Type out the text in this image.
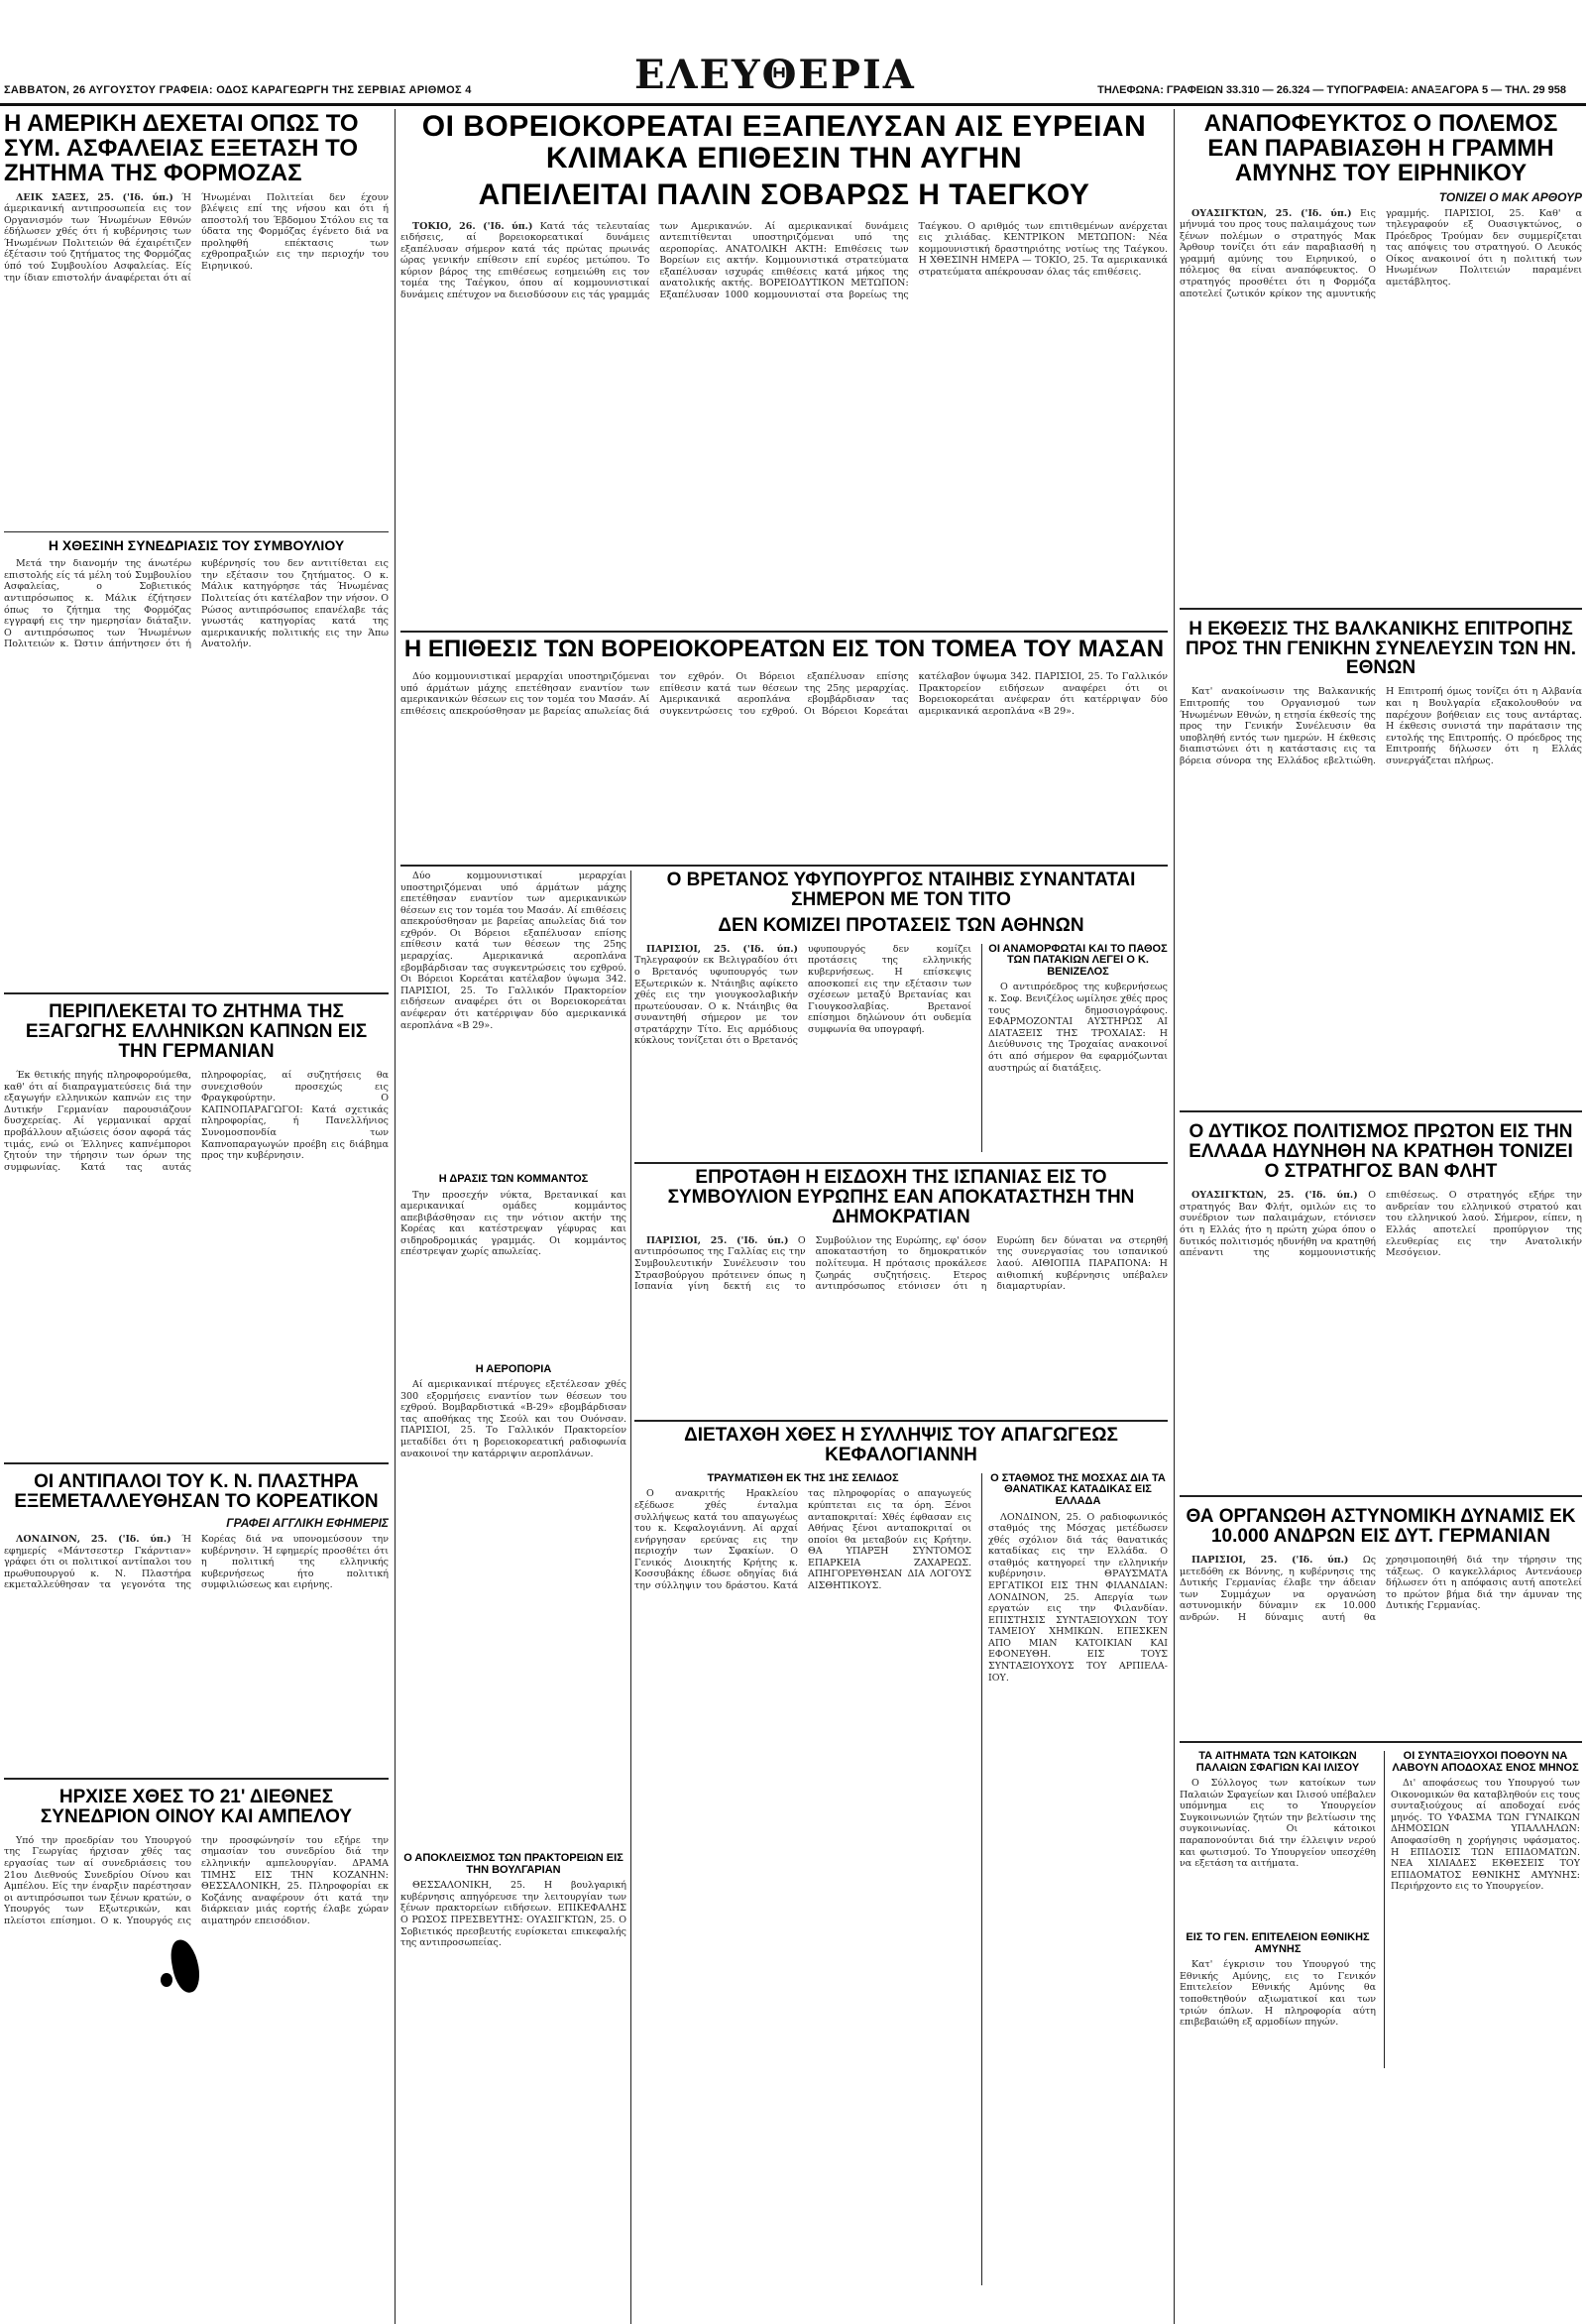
ΕΛΕΥΘΕΡΙΑ
ΣΑΒΒΑΤΟΝ, 26 ΑΥΓΟΥΣΤΟΥ ΓΡΑΦΕΙΑ: ΟΔΟΣ ΚΑΡΑΓΕΩΡΓΗ ΤΗΣ ΣΕΡΒΙΑΣ ΑΡΙΘΜΟΣ 4	ΤΗΛΕΦΩΝΑ: ΓΡΑΦΕΙΩΝ 33.310 — 26.324 — ΤΥΠΟΓΡΑΦΕΙΑ: ΑΝΑΞΑΓΟΡΑ 5 — ΤΗΛ. 29 958
Η ΑΜΕΡΙΚΗ ΔΕΧΕΤΑΙ ΟΠΩΣ ΤΟ ΣΥΜ. ΑΣΦΑΛΕΙΑΣ ΕΞΕΤΑΣΗ ΤΟ ΖΗΤΗΜΑ ΤΗΣ ΦΟΡΜΟΖΑΣ

ΛΕΙΚ ΣΑΞΕΣ, 25. ('Ιδ. ύπ.) Ή άμερικανική αντιπροσωπεία εις τον Οργανισμόν των Ήνωμένων Εθνών έδήλωσεν χθές ότι ή κυβέρνησις των Ήνωμένων Πολιτειών θά έχαιρέτιζεν έξέτασιν τού ζητήματος της Φορμόζας ύπό τού Συμβουλίου Ασφαλείας. Είς την ίδιαν επιστολήν άναφέρεται ότι αί Ήνωμέναι Πολιτείαι δεν έχουν βλέψεις επί της νήσου και ότι ή αποστολή του Έβδομου Στόλου εις τα ύδατα της Φορμόζας έγένετο διά να προληφθή επέκτασις των εχθροπραξιών εις την περιοχήν του Ειρηνικού.

Η ΧΘΕΣΙΝΗ ΣΥΝΕΔΡΙΑΣΙΣ ΤΟΥ ΣΥΜΒΟΥΛΙΟΥ

Μετά την διανομήν της άνωτέρω επιστολής είς τά μέλη τού Συμβουλίου Ασφαλείας, ο Σοβιετικός αντιπρόσωπος κ. Μάλικ έζήτησεν όπως το ζήτημα της Φορμόζας εγγραφή εις την ημερησίαν διάταξιν. Ο αντιπρόσωπος των Ήνωμένων Πολιτειών κ. Ώστιν άπήντησεν ότι ή κυβέρνησίς του δεν αντιτίθεται εις την εξέτασιν του ζητήματος. Ο κ. Μάλικ κατηγόρησε τάς Ήνωμένας Πολιτείας ότι κατέλαβον την νήσον. Ο Ρώσος αντιπρόσωπος επανέλαβε τάς γνωστάς κατηγορίας κατά της αμερικανικής πολιτικής εις την Άπω Ανατολήν.

ΠΕΡΙΠΛΕΚΕΤΑΙ ΤΟ ΖΗΤΗΜΑ ΤΗΣ ΕΞΑΓΩΓΗΣ ΕΛΛΗΝΙΚΩΝ ΚΑΠΝΩΝ ΕΙΣ ΤΗΝ ΓΕΡΜΑΝΙΑΝ

Έκ θετικής πηγής πληροφορούμεθα, καθ' ότι αί διαπραγματεύσεις διά την εξαγωγήν ελληνικών καπνών εις την Δυτικήν Γερμανίαν παρουσιάζουν δυσχερείας. Αί γερμανικαί αρχαί προβάλλουν αξιώσεις όσον αφορά τάς τιμάς, ενώ οι Έλληνες καπνέμποροι ζητούν την τήρησιν των όρων της συμφωνίας. Κατά τας αυτάς πληροφορίας, αί συζητήσεις θα συνεχισθούν προσεχώς εις Φραγκφούρτην. Ο ΚΑΠΝΟΠΑΡΑΓΩΓΟΙ: Κατά σχετικάς πληροφορίας, ή Πανελλήνιος Συνομοσπονδία των Καπνοπαραγωγών προέβη εις διάβημα προς την κυβέρνησιν.

ΟΙ ΑΝΤΙΠΑΛΟΙ ΤΟΥ Κ. Ν. ΠΛΑΣΤΗΡΑ ΕΞΕΜΕΤΑΛΛΕΥΘΗΣΑΝ ΤΟ ΚΟΡΕΑΤΙΚΟΝ
ΓΡΑΦΕΙ ΑΓΓΛΙΚΗ ΕΦΗΜΕΡΙΣ

ΛΟΝΔΙΝΟΝ, 25. ('Ιδ. ύπ.) Ή εφημερίς «Μάντσεστερ Γκάρντιαν» γράφει ότι οι πολιτικοί αντίπαλοι του πρωθυπουργού κ. Ν. Πλαστήρα εκμεταλλεύθησαν τα γεγονότα της Κορέας διά να υπονομεύσουν την κυβέρνησιν. Ή εφημερίς προσθέτει ότι η πολιτική της ελληνικής κυβερνήσεως ήτο πολιτική συμφιλιώσεως και ειρήνης.

ΗΡΧΙΣΕ ΧΘΕΣ ΤΟ 21' ΔΙΕΘΝΕΣ ΣΥΝΕΔΡΙΟΝ ΟΙΝΟΥ ΚΑΙ ΑΜΠΕΛΟΥ

Υπό την προεδρίαν του Υπουργού της Γεωργίας ήρχισαν χθές τας εργασίας των αί συνεδριάσεις του 21ου Διεθνούς Συνεδρίου Οίνου και Αμπέλου. Είς την έναρξιν παρέστησαν οι αντιπρόσωποι των ξένων κρατών, ο Υπουργός των Εξωτερικών, και πλείστοι επίσημοι. Ο κ. Υπουργός εις την προσφώνησίν του εξήρε την σημασίαν του συνεδρίου διά την ελληνικήν αμπελουργίαν. ΔΡΑΜΑ ΤΙΜΗΣ ΕΙΣ ΤΗΝ ΚΟΖΑΝΗΝ: ΘΕΣΣΑΛΟΝΙΚΗ, 25. Πληροφορίαι εκ Κοζάνης αναφέρουν ότι κατά την διάρκειαν μιάς εορτής έλαβε χώραν αιματηρόν επεισόδιον.

ΟΙ ΒΟΡΕΙΟΚΟΡΕΑΤΑΙ ΕΞΑΠΕΛΥΣΑΝ ΑΙΣ ΕΥΡΕΙΑΝ ΚΛΙΜΑΚΑ ΕΠΙΘΕΣΙΝ ΤΗΝ ΑΥΓΗΝ
ΑΠΕΙΛΕΙΤΑΙ ΠΑΛΙΝ ΣΟΒΑΡΩΣ Η ΤΑΕΓΚΟΥ

ΤΟΚΙΟ, 26. ('Ιδ. ύπ.) Κατά τάς τελευταίας ειδήσεις, αί βορειοκορεατικαί δυνάμεις εξαπέλυσαν σήμερον κατά τάς πρώτας πρωινάς ώρας γενικήν επίθεσιν επί ευρέος μετώπου. Το κύριον βάρος της επιθέσεως εσημειώθη εις τον τομέα της Ταέγκου, όπου αί κομμουνιστικαί δυνάμεις επέτυχον να διεισδύσουν εις τάς γραμμάς των Αμερικανών. Αί αμερικανικαί δυνάμεις αντεπιτίθενται υποστηριζόμεναι υπό της αεροπορίας. ΑΝΑΤΟΛΙΚΗ ΑΚΤΗ: Επιθέσεις των Βορείων εις ακτήν. Κομμουνιστικά στρατεύματα εξαπέλυσαν ισχυράς επιθέσεις κατά μήκος της ανατολικής ακτής. ΒΟΡΕΙΟΔΥΤΙΚΟΝ ΜΕΤΩΠΟΝ: Εξαπέλυσαν 1000 κομμουνισταί στα βορείως της Ταέγκου. Ο αριθμός των επιτιθεμένων ανέρχεται εις χιλιάδας. ΚΕΝΤΡΙΚΟΝ ΜΕΤΩΠΟΝ: Νέα κομμουνιστική δραστηριότης νοτίως της Ταέγκου. Η ΧΘΕΣΙΝΗ ΗΜΕΡΑ — ΤΟΚΙΟ, 25. Τα αμερικανικά στρατεύματα απέκρουσαν όλας τάς επιθέσεις.

Η ΕΠΙΘΕΣΙΣ ΤΩΝ ΒΟΡΕΙΟΚΟΡΕΑΤΩΝ ΕΙΣ ΤΟΝ ΤΟΜΕΑ ΤΟΥ ΜΑΣΑΝ

Δύο κομμουνιστικαί μεραρχίαι υποστηριζόμεναι υπό άρμάτων μάχης επετέθησαν εναντίον των αμερικανικών θέσεων εις τον τομέα του Μασάν. Αί επιθέσεις απεκρούσθησαν με βαρείας απωλείας διά τον εχθρόν. Οι Βόρειοι εξαπέλυσαν επίσης επίθεσιν κατά των θέσεων της 25ης μεραρχίας. Αμερικανικά αεροπλάνα εβομβάρδισαν τας συγκεντρώσεις του εχθρού. Οι Βόρειοι Κορεάται κατέλαβον ύψωμα 342. ΠΑΡΙΣΙΟΙ, 25. Το Γαλλικόν Πρακτορείον ειδήσεων αναφέρει ότι οι Βορειοκορεάται ανέφεραν ότι κατέρριψαν δύο αμερικανικά αεροπλάνα «Β 29».

Ο ΒΡΕΤΑΝΟΣ ΥΦΥΠΟΥΡΓΟΣ ΝΤΑΙΗΒΙΣ ΣΥΝΑΝΤΑΤΑΙ ΣΗΜΕΡΟΝ ΜΕ ΤΟΝ ΤΙΤΟ
ΔΕΝ ΚΟΜΙΖΕΙ ΠΡΟΤΑΣΕΙΣ ΤΩΝ ΑΘΗΝΩΝ

ΠΑΡΙΣΙΟΙ, 25. ('Ιδ. ύπ.) Τηλεγραφούν εκ Βελιγραδίου ότι ο Βρετανός υφυπουργός των Εξωτερικών κ. Ντάιηβις αφίκετο χθές εις την γιουγκοσλαβικήν πρωτεύουσαν. Ο κ. Ντάιηβις θα συναντηθή σήμερον με τον στρατάρχην Τίτο. Εις αρμόδιους κύκλους τονίζεται ότι ο Βρετανός υφυπουργός δεν κομίζει προτάσεις της ελληνικής κυβερνήσεως. Η επίσκεψις αποσκοπεί εις την εξέτασιν των σχέσεων μεταξύ Βρετανίας και Γιουγκοσλαβίας. Βρετανοί επίσημοι δηλώνουν ότι ουδεμία συμφωνία θα υπογραφή.

ΟΙ ΑΝΑΜΟΡΦΩΤΑΙ ΚΑΙ ΤΟ ΠΑΘΟΣ ΤΩΝ ΠΑΤΑΚΙΩΝ ΛΕΓΕΙ Ο Κ. ΒΕΝΙΖΕΛΟΣ

Ο αντιπρόεδρος της κυβερνήσεως κ. Σοφ. Βενιζέλος ωμίλησε χθές προς τους δημοσιογράφους. ΕΦΑΡΜΟΖΟΝΤΑΙ ΑΥΣΤΗΡΩΣ ΑΙ ΔΙΑΤΑΞΕΙΣ ΤΗΣ ΤΡΟΧΑΙΑΣ: Η Διεύθυνσις της Τροχαίας ανακοινοί ότι από σήμερον θα εφαρμόζωνται αυστηρώς αί διατάξεις.

Δύο κομμουνιστικαί μεραρχίαι υποστηριζόμεναι υπό άρμάτων μάχης επετέθησαν εναντίον των αμερικανικών θέσεων εις τον τομέα του Μασάν. Αί επιθέσεις απεκρούσθησαν με βαρείας απωλείας διά τον εχθρόν. Οι Βόρειοι εξαπέλυσαν επίσης επίθεσιν κατά των θέσεων της 25ης μεραρχίας. Αμερικανικά αεροπλάνα εβομβάρδισαν τας συγκεντρώσεις του εχθρού. Οι Βόρειοι Κορεάται κατέλαβον ύψωμα 342. ΠΑΡΙΣΙΟΙ, 25. Το Γαλλικόν Πρακτορείον ειδήσεων αναφέρει ότι οι Βορειοκορεάται ανέφεραν ότι κατέρριψαν δύο αμερικανικά αεροπλάνα «Β 29».

Η ΔΡΑΣΙΣ ΤΩΝ ΚΟΜΜΑΝΤΟΣ

Την προσεχήν νύκτα, Βρετανικαί και αμερικανικαί ομάδες κομμάντος απεβιβάσθησαν εις την νότιον ακτήν της Κορέας και κατέστρεψαν γέφυρας και σιδηροδρομικάς γραμμάς. Οι κομμάντος επέστρεψαν χωρίς απωλείας.

Η ΑΕΡΟΠΟΡΙΑ

Αί αμερικανικαί πτέρυγες εξετέλεσαν χθές 300 εξορμήσεις εναντίον των θέσεων του εχθρού. Βομβαρδιστικά «Β-29» εβομβάρδισαν τας αποθήκας της Σεούλ και του Ουόνσαν. ΠΑΡΙΣΙΟΙ, 25. Το Γαλλικόν Πρακτορείον μεταδίδει ότι η βορειοκορεατική ραδιοφωνία ανακοινοί την κατάρριψιν αεροπλάνων.

Ο ΑΠΟΚΛΕΙΣΜΟΣ ΤΩΝ ΠΡΑΚΤΟΡΕΙΩΝ ΕΙΣ ΤΗΝ ΒΟΥΛΓΑΡΙΑΝ

ΘΕΣΣΑΛΟΝΙΚΗ, 25. Η βουλγαρική κυβέρνησις απηγόρευσε την λειτουργίαν των ξένων πρακτορείων ειδήσεων. ΕΠΙΚΕΦΑΛΗΣ Ο ΡΩΣΟΣ ΠΡΕΣΒΕΥΤΗΣ: ΟΥΑΣΙΓΚΤΩΝ, 25. Ο Σοβιετικός πρεσβευτής ευρίσκεται επικεφαλής της αντιπροσωπείας.

ΕΠΡΟΤΑΘΗ Η ΕΙΣΔΟΧΗ ΤΗΣ ΙΣΠΑΝΙΑΣ ΕΙΣ ΤΟ ΣΥΜΒΟΥΛΙΟΝ ΕΥΡΩΠΗΣ ΕΑΝ ΑΠΟΚΑΤΑΣΤΗΣΗ ΤΗΝ ΔΗΜΟΚΡΑΤΙΑΝ

ΠΑΡΙΣΙΟΙ, 25. ('Ιδ. ύπ.) Ο αντιπρόσωπος της Γαλλίας εις την Συμβουλευτικήν Συνέλευσιν του Στρασβούργου πρότεινεν όπως η Ισπανία γίνη δεκτή εις το Συμβούλιον της Ευρώπης, εφ' όσον αποκαταστήση το δημοκρατικόν πολίτευμα. Η πρότασις προκάλεσε ζωηράς συζητήσεις. Ετερος αντιπρόσωπος ετόνισεν ότι η Ευρώπη δεν δύναται να στερηθή της συνεργασίας του ισπανικού λαού. ΑΙΘΙΟΠΙΑ ΠΑΡΑΠΟΝΑ: Η αιθιοπική κυβέρνησις υπέβαλεν διαμαρτυρίαν.

ΔΙΕΤΑΧΘΗ ΧΘΕΣ Η ΣΥΛΛΗΨΙΣ ΤΟΥ ΑΠΑΓΩΓΕΩΣ ΚΕΦΑΛΟΓΙΑΝΝΗ
ΤΡΑΥΜΑΤΙΣΘΗ ΕΚ ΤΗΣ 1ΗΣ ΣΕΛΙΔΟΣ

Ο ανακριτής Ηρακλείου εξέδωσε χθές ένταλμα συλλήψεως κατά του απαγωγέως του κ. Κεφαλογιάννη. Αί αρχαί ενήργησαν ερεύνας εις την περιοχήν των Σφακίων. Ο Γενικός Διοικητής Κρήτης κ. Κοσσυβάκης έδωσε οδηγίας διά την σύλληψιν του δράστου. Κατά τας πληροφορίας ο απαγωγεύς κρύπτεται εις τα όρη. Ξένοι ανταποκριταί: Χθές έφθασαν εις Αθήνας ξένοι ανταποκριταί οι οποίοι θα μεταβούν εις Κρήτην. ΘΑ ΥΠΑΡΞΗ ΣΥΝΤΟΜΟΣ ΕΠΑΡΚΕΙΑ ΖΑΧΑΡΕΩΣ. ΑΠΗΓΟΡΕΥΘΗΣΑΝ ΔΙΑ ΛΟΓΟΥΣ ΑΙΣΘΗΤΙΚΟΥΣ.

Ο ΣΤΑΘΜΟΣ ΤΗΣ ΜΟΣΧΑΣ ΔΙΑ ΤΑ ΘΑΝΑΤΙΚΑΣ ΚΑΤΑΔΙΚΑΣ ΕΙΣ ΕΛΛΑΔΑ

ΛΟΝΔΙΝΟΝ, 25. Ο ραδιοφωνικός σταθμός της Μόσχας μετέδωσεν χθές σχόλιον διά τάς θανατικάς καταδίκας εις την Ελλάδα. Ο σταθμός κατηγορεί την ελληνικήν κυβέρνησιν. ΘΡΑΥΣΜΑΤΑ ΕΡΓΑΤΙΚΟΙ ΕΙΣ ΤΗΝ ΦΙΛΑΝΔΙΑΝ: ΛΟΝΔΙΝΟΝ, 25. Απεργία των εργατών εις την Φιλανδίαν. ΕΠΙΣΤΗΣΙΣ ΣΥΝΤΑΞΙΟΥΧΩΝ ΤΟΥ ΤΑΜΕΙΟΥ ΧΗΜΙΚΩΝ. ΕΠΕΣΚΕΝ ΑΠΟ ΜΙΑΝ ΚΑΤΟΙΚΙΑΝ ΚΑΙ ΕΦΟΝΕΥΘΗ. ΕΙΣ ΤΟΥΣ ΣΥΝΤΑΞΙΟΥΧΟΥΣ ΤΟΥ ΑΡΠΙΕΛΑ-ΙΟΥ.

ΑΝΑΠΟΦΕΥΚΤΟΣ Ο ΠΟΛΕΜΟΣ ΕΑΝ ΠΑΡΑΒΙΑΣΘΗ Η ΓΡΑΜΜΗ ΑΜΥΝΗΣ ΤΟΥ ΕΙΡΗΝΙΚΟΥ
ΤΟΝΙΖΕΙ Ο ΜΑΚ ΑΡΘΟΥΡ

ΟΥΑΣΙΓΚΤΩΝ, 25. ('Ιδ. ύπ.) Εις μήνυμά του προς τους παλαιμάχους των ξένων πολέμων ο στρατηγός Μακ Άρθουρ τονίζει ότι εάν παραβιασθή η γραμμή αμύνης του Ειρηνικού, ο πόλεμος θα είναι αναπόφευκτος. Ο στρατηγός προσθέτει ότι η Φορμόζα αποτελεί ζωτικόν κρίκον της αμυντικής γραμμής. ΠΑΡΙΣΙΟΙ, 25. Καθ' α τηλεγραφούν εξ Ουασιγκτώνος, ο Πρόεδρος Τρούμαν δεν συμμερίζεται τας απόψεις του στρατηγού. Ο Λευκός Οίκος ανακοινοί ότι η πολιτική των Ηνωμένων Πολιτειών παραμένει αμετάβλητος.

Η ΕΚΘΕΣΙΣ ΤΗΣ ΒΑΛΚΑΝΙΚΗΣ ΕΠΙΤΡΟΠΗΣ ΠΡΟΣ ΤΗΝ ΓΕΝΙΚΗΝ ΣΥΝΕΛΕΥΣΙΝ ΤΩΝ ΗΝ. ΕΘΝΩΝ

Κατ' ανακοίνωσιν της Βαλκανικής Επιτροπής του Οργανισμού των Ήνωμένων Εθνών, η ετησία έκθεσίς της προς την Γενικήν Συνέλευσιν θα υποβληθή εντός των ημερών. Η έκθεσις διαπιστώνει ότι η κατάστασις εις τα βόρεια σύνορα της Ελλάδος εβελτιώθη. Η Επιτροπή όμως τονίζει ότι η Αλβανία και η Βουλγαρία εξακολουθούν να παρέχουν βοήθειαν εις τους αντάρτας. Η έκθεσις συνιστά την παράτασιν της εντολής της Επιτροπής. Ο πρόεδρος της Επιτροπής δήλωσεν ότι η Ελλάς συνεργάζεται πλήρως.

Ο ΔΥΤΙΚΟΣ ΠΟΛΙΤΙΣΜΟΣ ΠΡΩΤΟΝ ΕΙΣ ΤΗΝ ΕΛΛΑΔΑ ΗΔΥΝΗΘΗ ΝΑ ΚΡΑΤΗΘΗ ΤΟΝΙΖΕΙ Ο ΣΤΡΑΤΗΓΟΣ ΒΑΝ ΦΛΗΤ

ΟΥΑΣΙΓΚΤΩΝ, 25. ('Ιδ. ύπ.) Ο στρατηγός Βαν Φλήτ, ομιλών εις το συνέδριον των παλαιμάχων, ετόνισεν ότι η Ελλάς ήτο η πρώτη χώρα όπου ο δυτικός πολιτισμός ηδυνήθη να κρατηθή απέναντι της κομμουνιστικής επιθέσεως. Ο στρατηγός εξήρε την ανδρείαν του ελληνικού στρατού και του ελληνικού λαού. Σήμερον, είπεν, η Ελλάς αποτελεί προπύργιον της ελευθερίας εις την Ανατολικήν Μεσόγειον.

ΘΑ ΟΡΓΑΝΩΘΗ ΑΣΤΥΝΟΜΙΚΗ ΔΥΝΑΜΙΣ ΕΚ 10.000 ΑΝΔΡΩΝ ΕΙΣ ΔΥΤ. ΓΕΡΜΑΝΙΑΝ

ΠΑΡΙΣΙΟΙ, 25. ('Ιδ. ύπ.) Ως μετεδόθη εκ Βόννης, η κυβέρνησις της Δυτικής Γερμανίας έλαβε την άδειαν των Συμμάχων να οργανώση αστυνομικήν δύναμιν εκ 10.000 ανδρών. Η δύναμις αυτή θα χρησιμοποιηθή διά την τήρησιν της τάξεως. Ο καγκελλάριος Αντενάουερ δήλωσεν ότι η απόφασις αυτή αποτελεί το πρώτον βήμα διά την άμυναν της Δυτικής Γερμανίας.

ΤΑ ΑΙΤΗΜΑΤΑ ΤΩΝ ΚΑΤΟΙΚΩΝ ΠΑΛΑΙΩΝ ΣΦΑΓΙΩΝ ΚΑΙ ΙΛΙΣΟΥ

Ο Σύλλογος των κατοίκων των Παλαιών Σφαγείων και Ιλισού υπέβαλεν υπόμνημα εις το Υπουργείον Συγκοινωνιών ζητών την βελτίωσιν της συγκοινωνίας. Οι κάτοικοι παραπονούνται διά την έλλειψιν νερού και φωτισμού. Το Υπουργείον υπεσχέθη να εξετάση τα αιτήματα.

ΕΙΣ ΤΟ ΓΕΝ. ΕΠΙΤΕΛΕΙΟΝ ΕΘΝΙΚΗΣ ΑΜΥΝΗΣ

Κατ' έγκρισιν του Υπουργού της Εθνικής Αμύνης, εις το Γενικόν Επιτελείον Εθνικής Αμύνης θα τοποθετηθούν αξιωματικοί και των τριών όπλων. Η πληροφορία αύτη επιβεβαιώθη εξ αρμοδίων πηγών.

ΟΙ ΣΥΝΤΑΞΙΟΥΧΟΙ ΠΟΘΟΥΝ ΝΑ ΛΑΒΟΥΝ ΑΠΟΔΟΧΑΣ ΕΝΟΣ ΜΗΝΟΣ

Δι' αποφάσεως του Υπουργού των Οικονομικών θα καταβληθούν εις τους συνταξιούχους αί αποδοχαί ενός μηνός. ΤΟ ΥΦΑΣΜΑ ΤΩΝ ΓΥΝΑΙΚΩΝ ΔΗΜΟΣΙΩΝ ΥΠΑΛΛΗΛΩΝ: Αποφασίσθη η χορήγησις υφάσματος. Η ΕΠΙΔΟΣΙΣ ΤΩΝ ΕΠΙΔΟΜΑΤΩΝ. ΝΕΑ ΧΙΛΙΑΔΕΣ ΕΚΘΕΣΕΙΣ ΤΟΥ ΕΠΙΔΟΜΑΤΟΣ ΕΘΝΙΚΗΣ ΑΜΥΝΗΣ: Περιήρχοντο εις το Υπουργείον.
